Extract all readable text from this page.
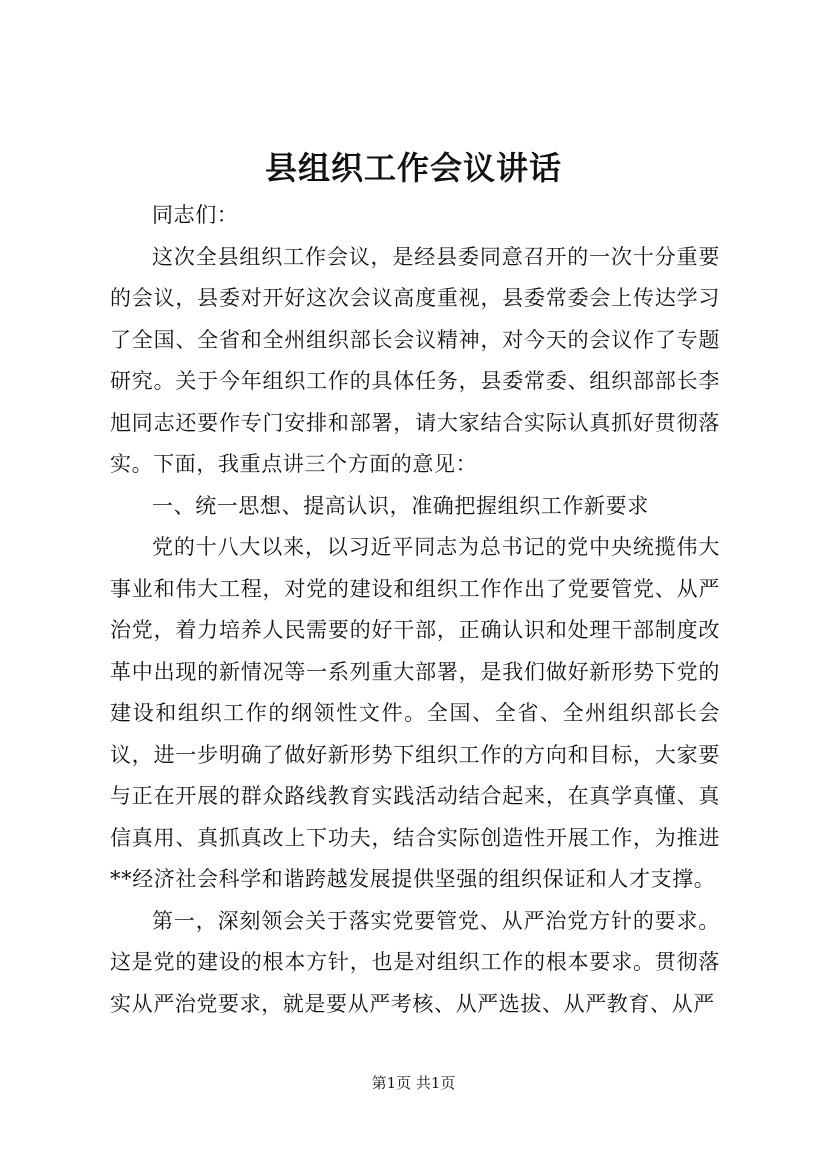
县组织工作会议讲话

同志们：

这次全县组织工作会议，是经县委同意召开的一次十分重要的会议，县委对开好这次会议高度重视，县委常委会上传达学习了全国、全省和全州组织部长会议精神，对今天的会议作了专题研究。关于今年组织工作的具体任务，县委常委、组织部部长李旭同志还要作专门安排和部署，请大家结合实际认真抓好贯彻落实。下面，我重点讲三个方面的意见：

一、统一思想、提高认识，准确把握组织工作新要求

党的十八大以来，以习近平同志为总书记的党中央统揽伟大事业和伟大工程，对党的建设和组织工作作出了党要管党、从严治党，着力培养人民需要的好干部，正确认识和处理干部制度改革中出现的新情况等一系列重大部署，是我们做好新形势下党的建设和组织工作的纲领性文件。全国、全省、全州组织部长会议，进一步明确了做好新形势下组织工作的方向和目标，大家要与正在开展的群众路线教育实践活动结合起来，在真学真懂、真信真用、真抓真改上下功夫，结合实际创造性开展工作，为推进**经济社会科学和谐跨越发展提供坚强的组织保证和人才支撑。

第一，深刻领会关于落实党要管党、从严治党方针的要求。这是党的建设的根本方针，也是对组织工作的根本要求。贯彻落实从严治党要求，就是要从严考核、从严选拔、从严教育、从严

第1页 共1页
